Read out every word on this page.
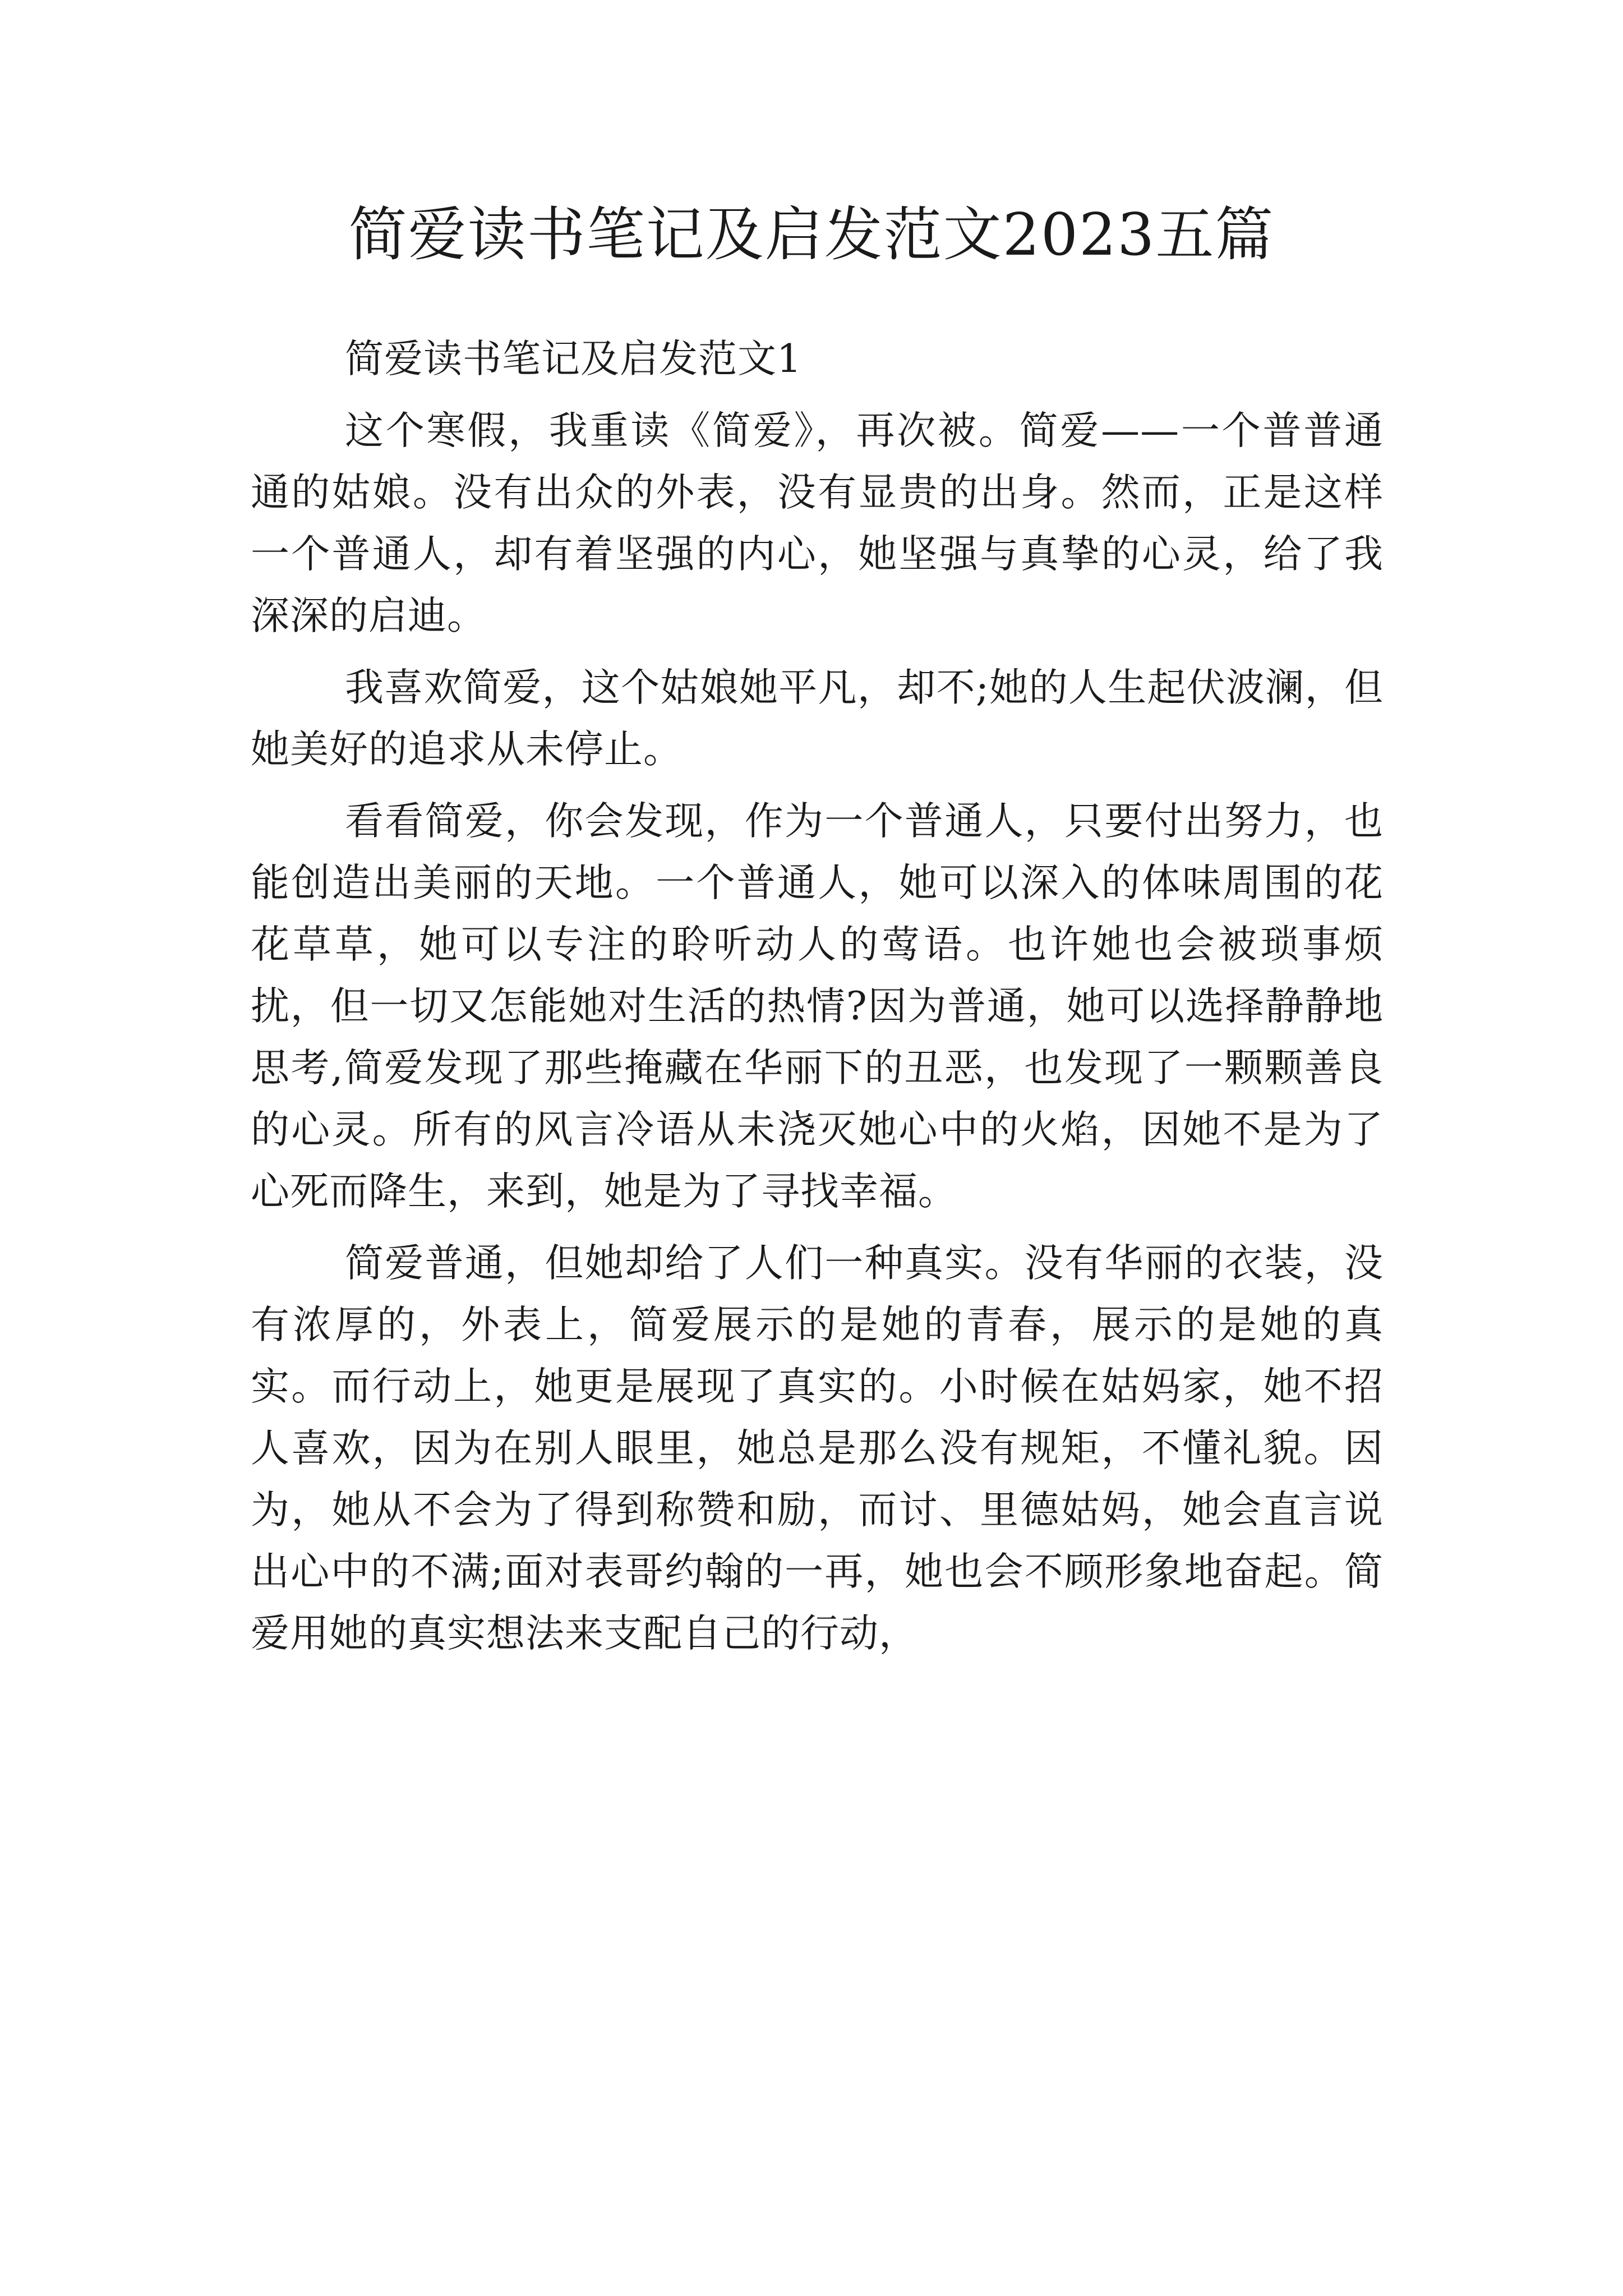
简爱读书笔记及启发范文2023五篇

简爱读书笔记及启发范文1

这个寒假，我重读《简爱》，再次被。简爱——一个普普通通的姑娘。没有出众的外表，没有显贵的出身。然而，正是这样一个普通人，却有着坚强的内心，她坚强与真挚的心灵，给了我深深的启迪。

我喜欢简爱，这个姑娘她平凡，却不;她的人生起伏波澜，但她美好的追求从未停止。

看看简爱，你会发现，作为一个普通人，只要付出努力，也能创造出美丽的天地。一个普通人，她可以深入的体味周围的花花草草，她可以专注的聆听动人的莺语。也许她也会被琐事烦扰，但一切又怎能她对生活的热情?因为普通，她可以选择静静地思考,简爱发现了那些掩藏在华丽下的丑恶，也发现了一颗颗善良的心灵。所有的风言冷语从未浇灭她心中的火焰，因她不是为了心死而降生，来到，她是为了寻找幸福。

简爱普通，但她却给了人们一种真实。没有华丽的衣装，没有浓厚的，外表上，简爱展示的是她的青春，展示的是她的真实。而行动上，她更是展现了真实的。小时候在姑妈家，她不招人喜欢，因为在别人眼里，她总是那么没有规矩，不懂礼貌。因为，她从不会为了得到称赞和励，而讨、里德姑妈，她会直言说出心中的不满;面对表哥约翰的一再，她也会不顾形象地奋起。简爱用她的真实想法来支配自己的行动，
